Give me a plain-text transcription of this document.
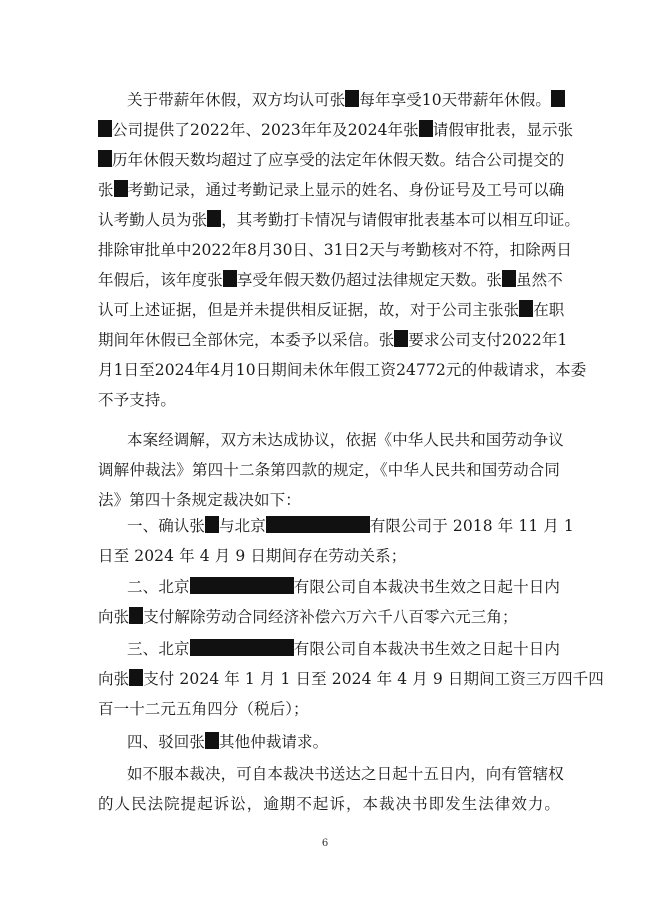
关于带薪年休假，双方均认可张 每年享受10天带薪年休假。
公司提供了2022年、2023年年及2024年张 请假审批表，显示张
历年休假天数均超过了应享受的法定年休假天数。结合公司提交的
张 考勤记录，通过考勤记录上显示的姓名、身份证号及工号可以确
认考勤人员为张 ，其考勤打卡情况与请假审批表基本可以相互印证。
排除审批单中2022年8月30日、31日2天与考勤核对不符，扣除两日
年假后，该年度张 享受年假天数仍超过法律规定天数。张 虽然不
认可上述证据，但是并未提供相反证据，故，对于公司主张张 在职
期间年休假已全部休完，本委予以采信。张 要求公司支付2022年1
月1日至2024年4月10日期间未休年假工资24772元的仲裁请求，本委
不予支持。
本案经调解，双方未达成协议，依据《中华人民共和国劳动争议
调解仲裁法》第四十二条第四款的规定，《中华人民共和国劳动合同
法》第四十条规定裁决如下：
一、确认张 与北京	有限公司于 2018 年 11 月 1
日至 2024 年 4 月 9 日期间存在劳动关系；
二、北京	有限公司自本裁决书生效之日起十日内
向张 支付解除劳动合同经济补偿六万六千八百零六元三角；
三、北京	有限公司自本裁决书生效之日起十日内
向张 支付 2024 年 1 月 1 日至 2024 年 4 月 9 日期间工资三万四千四
百一十二元五角四分（税后）；
四、驳回张 其他仲裁请求。
如不服本裁决，可自本裁决书送达之日起十五日内，向有管辖权
的人民法院提起诉讼，逾期不起诉，本裁决书即发生法律效力。
6
